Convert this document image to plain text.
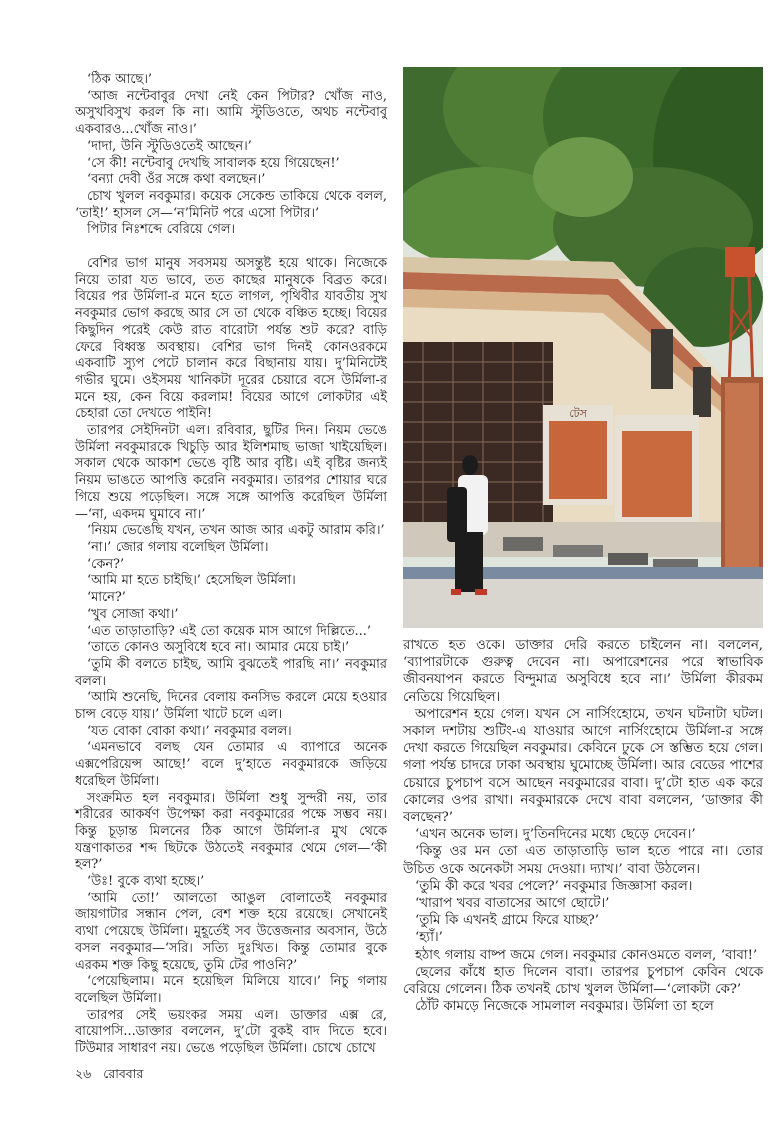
‘ঠিক আছে।’

‘আজ নন্টেবাবুর দেখা নেই কেন পিটার? খোঁজ নাও, অসুখবিসুখ করল কি না। আমি স্টুডিওতে, অথচ নন্টেবাবু একবারও...খোঁজ নাও।’

‘দাদা, উনি স্টুডিওতেই আছেন।’

‘সে কী! নন্টেবাবু দেখছি সাবালক হয়ে গিয়েছেন!’

‘বন্যা দেবী ওঁর সঙ্গে কথা বলছেন।’

চোখ খুলল নবকুমার। কয়েক সেকেন্ড তাকিয়ে থেকে বলল, ‘তাই!’ হাসল সে—‘ন’মিনিট পরে এসো পিটার।’

পিটার নিঃশব্দে বেরিয়ে গেল।

বেশির ভাগ মানুষ সবসময় অসন্তুষ্ট হয়ে থাকে। নিজেকে নিয়ে তারা যত ভাবে, তত কাছের মানুষকে বিব্রত করে। বিয়ের পর উর্মিলা-র মনে হতে লাগল, পৃথিবীর যাবতীয় সুখ নবকুমার ভোগ করছে আর সে তা থেকে বঞ্চিত হচ্ছে। বিয়ের কিছুদিন পরেই কেউ রাত বারোটা পর্যন্ত শুট করে? বাড়ি ফেরে বিধ্বস্ত অবস্থায়। বেশির ভাগ দিনই কোনওরকমে একবাটি স্যুপ পেটে চালান করে বিছানায় যায়। দু’মিনিটেই গভীর ঘুমে। ওইসময় খানিকটা দূরের চেয়ারে বসে উর্মিলা-র মনে হয়, কেন বিয়ে করলাম! বিয়ের আগে লোকটার এই চেহারা তো দেখতে পাইনি!

তারপর সেইদিনটা এল। রবিবার, ছুটির দিন। নিয়ম ভেঙে উর্মিলা নবকুমারকে খিচুড়ি আর ইলিশমাছ ভাজা খাইয়েছিল। সকাল থেকে আকাশ ভেঙে বৃষ্টি আর বৃষ্টি। এই বৃষ্টির জন্যই নিয়ম ভাঙতে আপত্তি করেনি নবকুমার। তারপর শোয়ার ঘরে গিয়ে শুয়ে পড়েছিল। সঙ্গে সঙ্গে আপত্তি করেছিল উর্মিলা—‘না, একদম ঘুমাবে না।’

‘নিয়ম ভেঙেছি যখন, তখন আজ আর একটু আরাম করি।’

‘না।’ জোর গলায় বলেছিল উর্মিলা।

‘কেন?’

‘আমি মা হতে চাইছি।’ হেসেছিল উর্মিলা।

‘মানে?’

‘খুব সোজা কথা।’

‘এত তাড়াতাড়ি? এই তো কয়েক মাস আগে দিল্লিতে...’

‘তাতে কোনও অসুবিধে হবে না। আমার মেয়ে চাই।’

‘তুমি কী বলতে চাইছ, আমি বুঝতেই পারছি না।’ নবকুমার বলল।

‘আমি শুনেছি, দিনের বেলায় কনসিভ করলে মেয়ে হওয়ার চান্স বেড়ে যায়।’ উর্মিলা খাটে চলে এল।

‘যত বোকা বোকা কথা।’ নবকুমার বলল।

‘এমনভাবে বলছ যেন তোমার এ ব্যাপারে অনেক এক্সপেরিয়েন্স আছে!’ বলে দু’হাতে নবকুমারকে জড়িয়ে ধরেছিল উর্মিলা।

সংক্রমিত হল নবকুমার। উর্মিলা শুধু সুন্দরী নয়, তার শরীরের আকর্ষণ উপেক্ষা করা নবকুমারের পক্ষে সম্ভব নয়। কিন্তু চূড়ান্ত মিলনের ঠিক আগে উর্মিলা-র মুখ থেকে যন্ত্রণাকাতর শব্দ ছিটকে উঠতেই নবকুমার থেমে গেল—‘কী হল?’

‘উঃ! বুকে ব্যথা হচ্ছে।’

‘আমি তো!’ আলতো আঙুল বোলাতেই নবকুমার জায়গাটার সন্ধান পেল, বেশ শক্ত হয়ে রয়েছে। সেখানেই ব্যথা পেয়েছে উর্মিলা। মুহূর্তেই সব উত্তেজনার অবসান, উঠে বসল নবকুমার—‘সরি। সত্যি দুঃখিত। কিন্তু তোমার বুকে এরকম শক্ত কিছু হয়েছে, তুমি টের পাওনি?’

‘পেয়েছিলাম। মনে হয়েছিল মিলিয়ে যাবে।’ নিচু গলায় বলেছিল উর্মিলা।

তারপর সেই ভয়ংকর সময় এল। ডাক্তার এক্স রে, বায়োপসি...ডাক্তার বললেন, দু’টো বুকই বাদ দিতে হবে। টিউমার সাধারণ নয়। ভেঙে পড়েছিল উর্মিলা। চোখে চোখে

টেস

রাখতে হত ওকে। ডাক্তার দেরি করতে চাইলেন না। বললেন, ‘ব্যাপারটাকে গুরুত্ব দেবেন না। অপারেশনের পরে স্বাভাবিক জীবনযাপন করতে বিন্দুমাত্র অসুবিধে হবে না।’ উর্মিলা কীরকম নেতিয়ে গিয়েছিল।

অপারেশন হয়ে গেল। যখন সে নার্সিংহোমে, তখন ঘটনাটা ঘটল। সকাল দশটায় শুটিং-এ যাওয়ার আগে নার্সিংহোমে উর্মিলা-র সঙ্গে দেখা করতে গিয়েছিল নবকুমার। কেবিনে ঢুকে সে স্তম্ভিত হয়ে গেল। গলা পর্যন্ত চাদরে ঢাকা অবস্থায় ঘুমোচ্ছে উর্মিলা। আর বেডের পাশের চেয়ারে চুপচাপ বসে আছেন নবকুমারের বাবা। দু’টো হাত এক করে কোলের ওপর রাখা। নবকুমারকে দেখে বাবা বললেন, ‘ডাক্তার কী বলছেন?’

‘এখন অনেক ভাল। দু’তিনদিনের মধ্যে ছেড়ে দেবেন।’

‘কিন্তু ওর মন তো এত তাড়াতাড়ি ভাল হতে পারে না। তোর উচিত ওকে অনেকটা সময় দেওয়া। দ্যাখ।’ বাবা উঠলেন।

‘তুমি কী করে খবর পেলে?’ নবকুমার জিজ্ঞাসা করল।

‘খারাপ খবর বাতাসের আগে ছোটে।’

‘তুমি কি এখনই গ্রামে ফিরে যাচ্ছ?’

‘হ্যাঁ।’

হঠাৎ গলায় বাষ্প জমে গেল। নবকুমার কোনওমতে বলল, ‘বাবা!’

ছেলের কাঁধে হাত দিলেন বাবা। তারপর চুপচাপ কেবিন থেকে বেরিয়ে গেলেন। ঠিক তখনই চোখ খুলল উর্মিলা—‘লোকটা কে?’

ঠোঁট কামড়ে নিজেকে সামলাল নবকুমার। উর্মিলা তা হলে

২৬ রোববার
